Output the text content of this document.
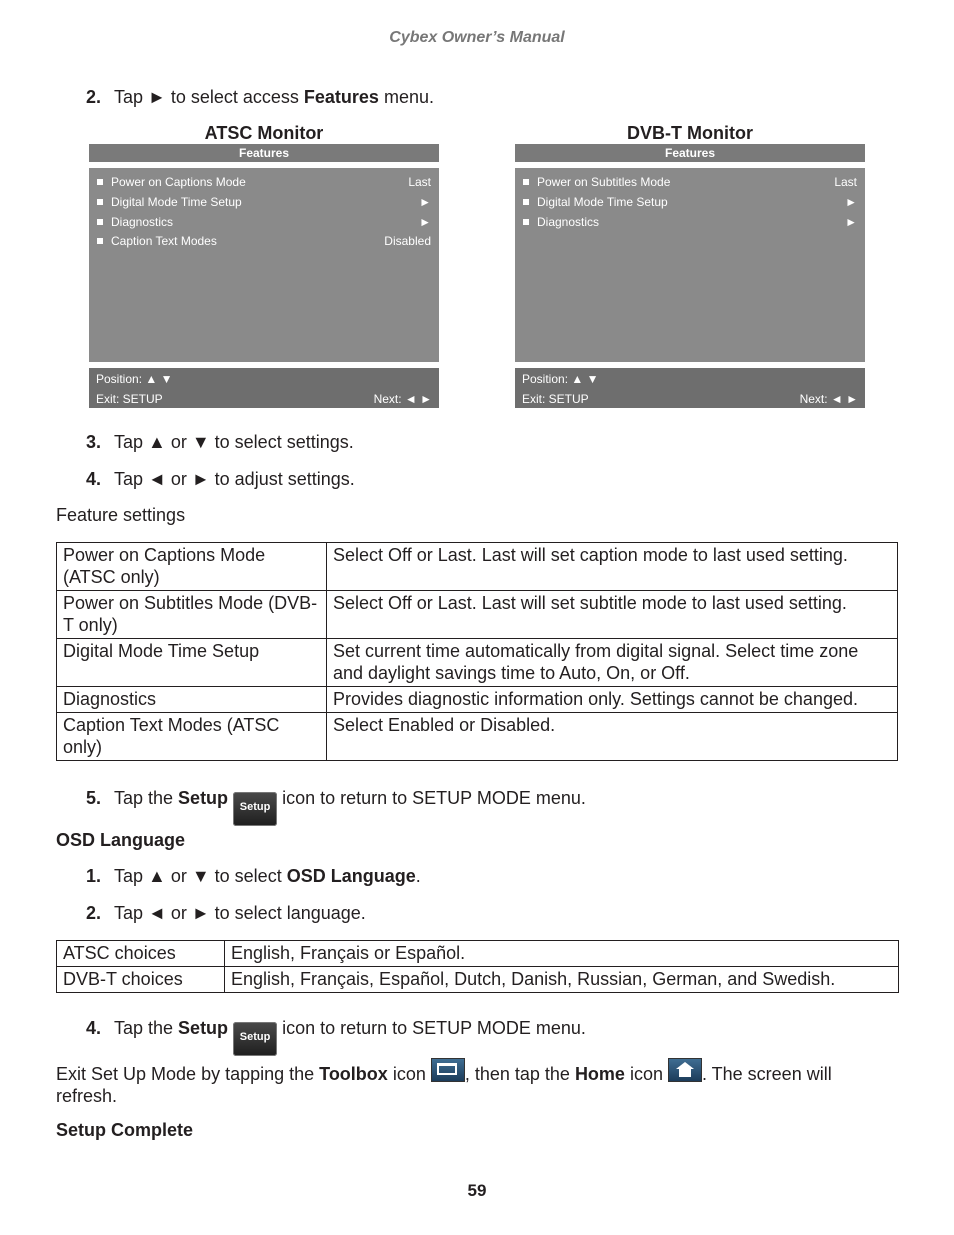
Cybex Owner’s Manual
2. Tap ► to select access Features menu.
ATSC Monitor
Features
Power on Captions Mode	Last
Digital Mode Time Setup	►
Diagnostics	►
Caption Text Modes	Disabled
Position: ▲ ▼
Exit: SETUP	Next: ◄ ►
DVB-T Monitor
Features
Power on Subtitles Mode	Last
Digital Mode Time Setup	►
Diagnostics	►
Position: ▲ ▼
Exit: SETUP	Next: ◄ ►
3. Tap ▲ or ▼ to select settings.
4. Tap ◄ or ► to adjust settings.
Feature settings
Power on Captions Mode (ATSC only)	Select Off or Last. Last will set caption mode to last used setting.
Power on Subtitles Mode (DVB-T only)	Select Off or Last. Last will set subtitle mode to last used setting.
Digital Mode Time Setup	Set current time automatically from digital signal. Select time zone and daylight savings time to Auto, On, or Off.
Diagnostics	Provides diagnostic information only. Settings cannot be changed.
Caption Text Modes (ATSC only)	Select Enabled or Disabled.
5. Tap the Setup Setup icon to return to SETUP MODE menu.
OSD Language
1. Tap ▲ or ▼ to select OSD Language.
2. Tap ◄ or ► to select language.
ATSC choices	English, Français or Español.
DVB-T choices	English, Français, Español, Dutch, Danish, Russian, German, and Swedish.
4. Tap the Setup Setup icon to return to SETUP MODE menu.
Exit Set Up Mode by tapping the Toolbox icon , then tap the Home icon . The screen will refresh.
Setup Complete
59
